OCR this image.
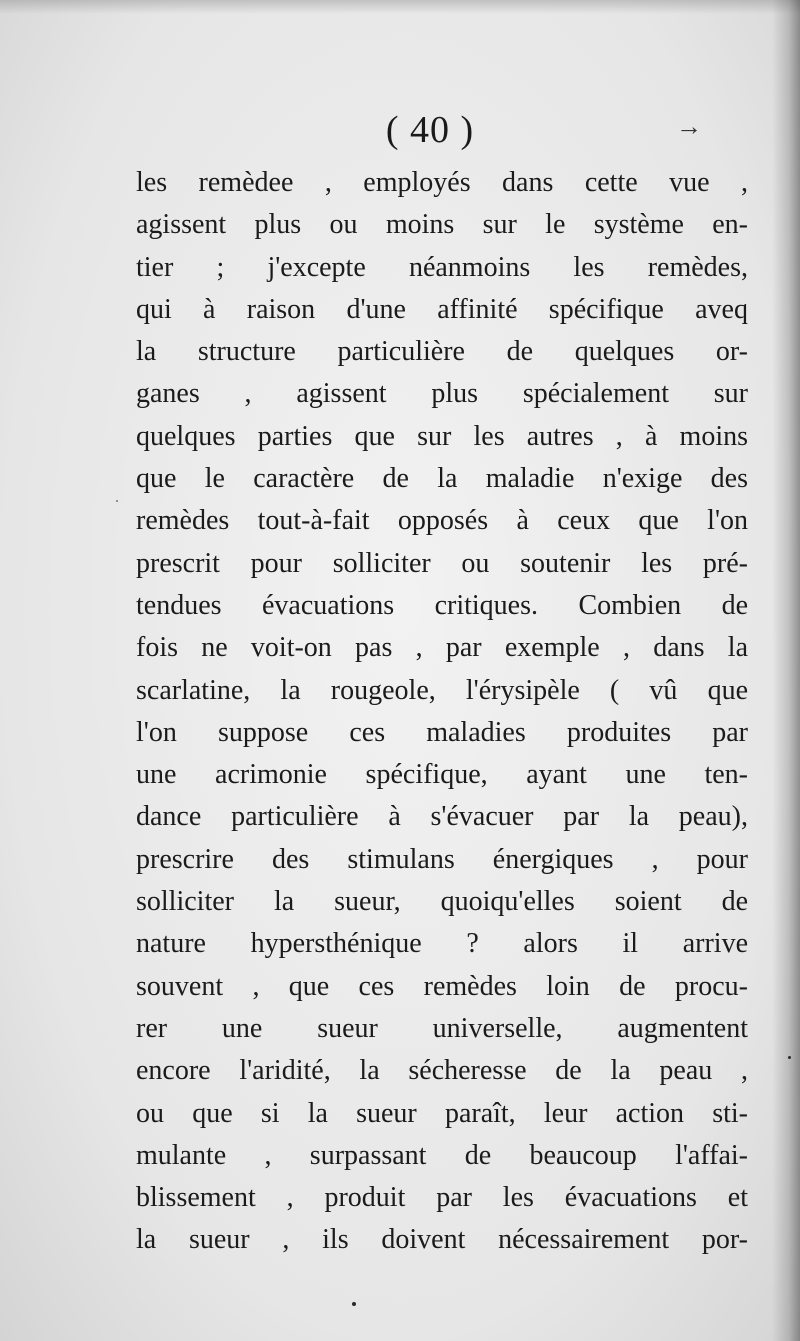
( 40 )	→
les remèdee , employés dans cette vue ,
agissent plus ou moins sur le système en-
tier ; j'excepte néanmoins les remèdes,
qui à raison d'une affinité spécifique aveq
la structure particulière de quelques or-
ganes , agissent plus spécialement sur
quelques parties que sur les autres , à moins
que le caractère de la maladie n'exige des
remèdes tout-à-fait opposés à ceux que l'on
prescrit pour solliciter ou soutenir les pré-
tendues évacuations critiques. Combien de
fois ne voit-on pas , par exemple , dans la
scarlatine, la rougeole, l'érysipèle ( vû que
l'on suppose ces maladies produites par
une acrimonie spécifique, ayant une ten-
dance particulière à s'évacuer par la peau),
prescrire des stimulans énergiques , pour
solliciter la sueur, quoiqu'elles soient de
nature hypersthénique ? alors il arrive
souvent , que ces remèdes loin de procu-
rer une sueur universelle, augmentent
encore l'aridité, la sécheresse de la peau ,
ou que si la sueur paraît, leur action sti-
mulante , surpassant de beaucoup l'affai-
blissement , produit par les évacuations et
la sueur , ils doivent nécessairement por-
